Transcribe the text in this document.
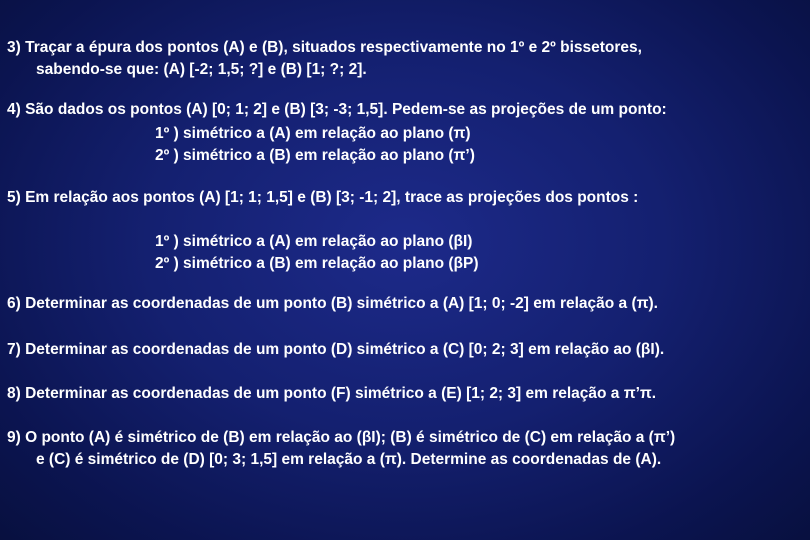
3) Traçar a épura dos pontos (A) e (B), situados respectivamente no 1º e 2º bissetores,
sabendo-se que: (A) [-2; 1,5; ?] e (B) [1; ?; 2].
4) São dados os pontos (A) [0; 1; 2] e (B) [3; -3; 1,5]. Pedem-se as projeções de um ponto:
1º ) simétrico a (A) em relação ao plano (π)
2º ) simétrico a (B) em relação ao plano (π’)
5) Em relação aos pontos (A) [1; 1; 1,5] e (B) [3; -1; 2], trace as projeções dos pontos :
1º ) simétrico a (A) em relação ao plano (βI)
2º ) simétrico a (B) em relação ao plano (βP)
6) Determinar as coordenadas de um ponto (B) simétrico a (A) [1; 0; -2] em relação a (π).
7) Determinar as coordenadas de um ponto (D) simétrico a (C) [0; 2; 3] em relação ao (βI).
8) Determinar as coordenadas de um ponto (F) simétrico a (E) [1; 2; 3] em relação a π’π.
9) O ponto (A) é simétrico de (B) em relação ao (βI); (B) é simétrico de (C) em relação a (π’)
e (C) é simétrico de (D) [0; 3; 1,5] em relação a (π). Determine as coordenadas de (A).
